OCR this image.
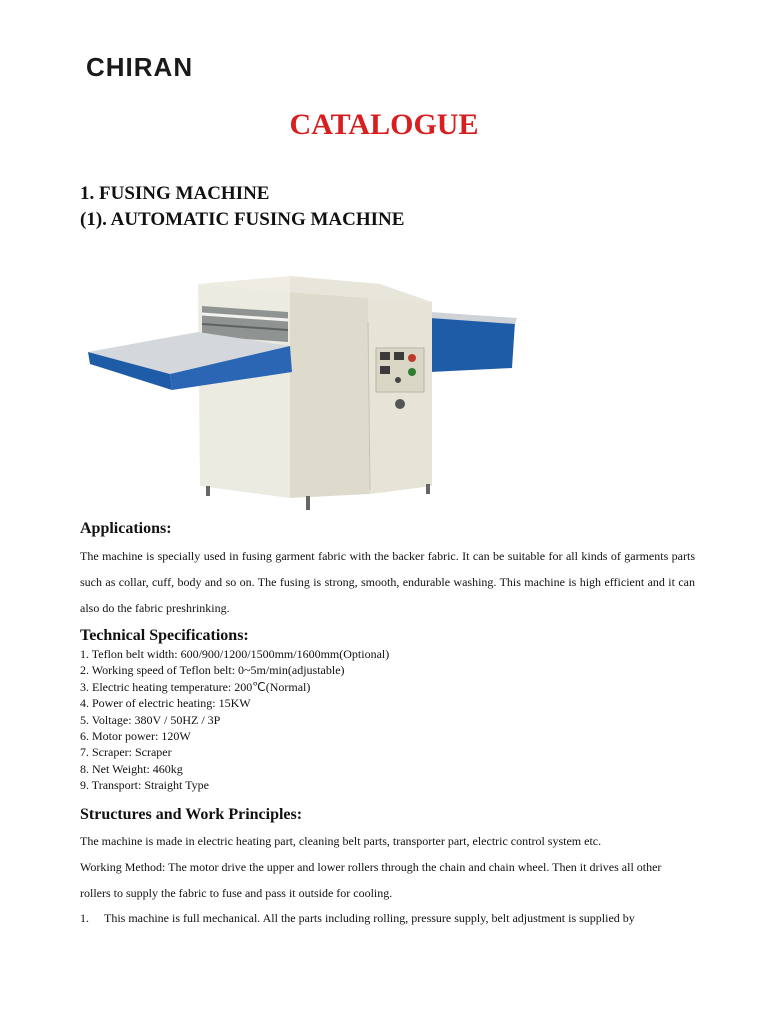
CHIRAN
CATALOGUE
1. FUSING MACHINE
(1). AUTOMATIC FUSING MACHINE
Applications:
The machine is specially used in fusing garment fabric with the backer fabric. It can be suitable for all kinds of garments parts such as collar, cuff, body and so on. The fusing is strong, smooth, endurable washing. This machine is high efficient and it can also do the fabric preshrinking.
Technical Specifications:
1. Teflon belt width: 600/900/1200/1500mm/1600mm(Optional)
2. Working speed of Teflon belt: 0~5m/min(adjustable)
3. Electric heating temperature: 200℃(Normal)
4. Power of electric heating: 15KW
5. Voltage: 380V / 50HZ / 3P
6. Motor power: 120W
7. Scraper: Scraper
8. Net Weight: 460kg
9. Transport: Straight Type
Structures and Work Principles:
The machine is made in electric heating part, cleaning belt parts, transporter part, electric control system etc.
Working Method: The motor drive the upper and lower rollers through the chain and chain wheel. Then it drives all other rollers to supply the fabric to fuse and pass it outside for cooling.
1. This machine is full mechanical. All the parts including rolling, pressure supply, belt adjustment is supplied by
